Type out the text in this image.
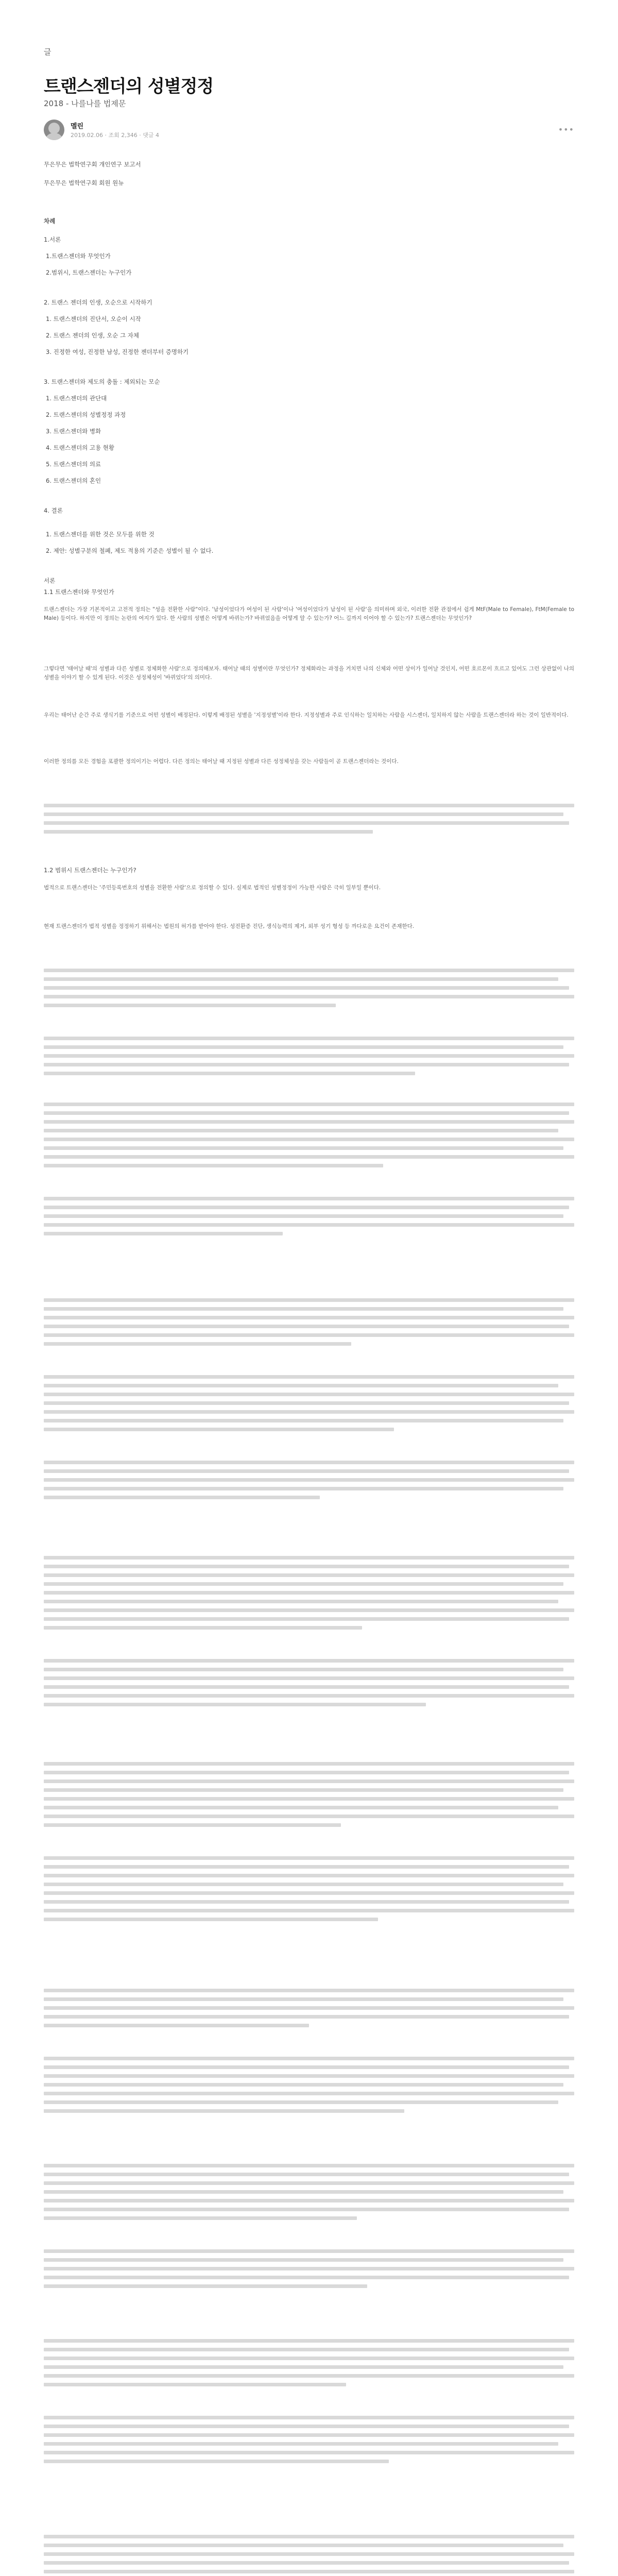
글
트랜스젠더의 성별정정
2018 - 나를나를 법제문
멜린
2019.02.06 · 조회 2,346 · 댓글 4
•••
무은무은 법학연구회 개인연구 보고서
무은무은 법학연구회 회원 원뉴
차례
1.서론
1.트랜스젠더와 무엇인가
2.범위시, 트랜스젠더는 누구인가
2. 트랜스 젠더의 인생, 오순으로 시작하기
1. 트랜스젠더의 진단서, 오순이 시작
2. 트랜스 젠더의 인생, 오순 그 자체
3. 진정한 여성, 진정한 남성, 진정한 젠더부터 증명하기
3. 트랜스젠더와 제도의 충돌 : 제외되는 모순
1. 트랜스젠더의 관단대
2. 트랜스젠더의 성별정정 과정
3. 트랜스젠더와 병화
4. 트랜스젠더의 고용 현황
5. 트랜스젠더의 의료
6. 트랜스젠더의 혼인
4. 결론
1. 트랜스젠더를 위한 것은 모두를 위한 것
2. 제안: 성별구분의 철폐, 제도 적용의 기준은 성별이 될 수 없다.
서론
1.1 트랜스젠더와 무엇인가
트랜스젠더는 가장 기본적이고 고전적 정의는 "성을 전환한 사람"이다. '남성이었다가 여성이 된 사람'이나 '여성이었다가 남성이 된 사람'을 의미하며 외국, 이러한 전환 관점에서 쉽게 MtF(Male to Female), FtM(Female to Male) 등이다. 하지만 이 정의는 논란의 여지가 있다. 한 사람의 성별은 어떻게 바뀌는가? 바뀌었음을 어떻게 알 수 있는가? 어느 길까지 이어야 할 수 있는가? 트랜스젠더는 무엇인가?
그렇다면 '태어날 때'의 성별과 다른 성별로 정체화한 사람'으로 정의해보자. 태어날 때의 성별이란 무엇인가? 정체화라는 과정을 거치면 나의 신체와 어떤 상이가 일어날 것인지, 어떤 호르몬이 흐르고 있어도 그런 상관없이 나의 성별을 이야기 할 수 있게 된다. 이것은 성정체성이 '바뀌었다'의 의미다.
우리는 태어난 순간 주로 생식기를 기준으로 어떤 성별이 배정된다. 이렇게 배정된 성별을 '지정성별'이라 한다. 지정성별과 주로 인식하는 일치하는 사람을 시스젠더, 일치하지 않는 사람을 트랜스젠더라 하는 것이 일반적이다.
이러한 정의를 모든 경험을 포괄한 정의이기는 어렵다. 다른 정의는 태어날 때 지정된 성별과 다른 성정체성을 갖는 사람들이 곧 트랜스젠더라는 것이다.
1.2 범위시 트랜스젠더는 누구인가?
법적으로 트랜스젠더는 '주민등록번호의 성별을 전환한 사람'으로 정의할 수 있다. 실제로 법적인 성별정정이 가능한 사람은 극히 일부일 뿐이다.
현재 트랜스젠더가 법적 성별을 정정하기 위해서는 법원의 허가를 받아야 한다. 성전환증 진단, 생식능력의 제거, 외부 성기 형성 등 까다로운 요건이 존재한다.
